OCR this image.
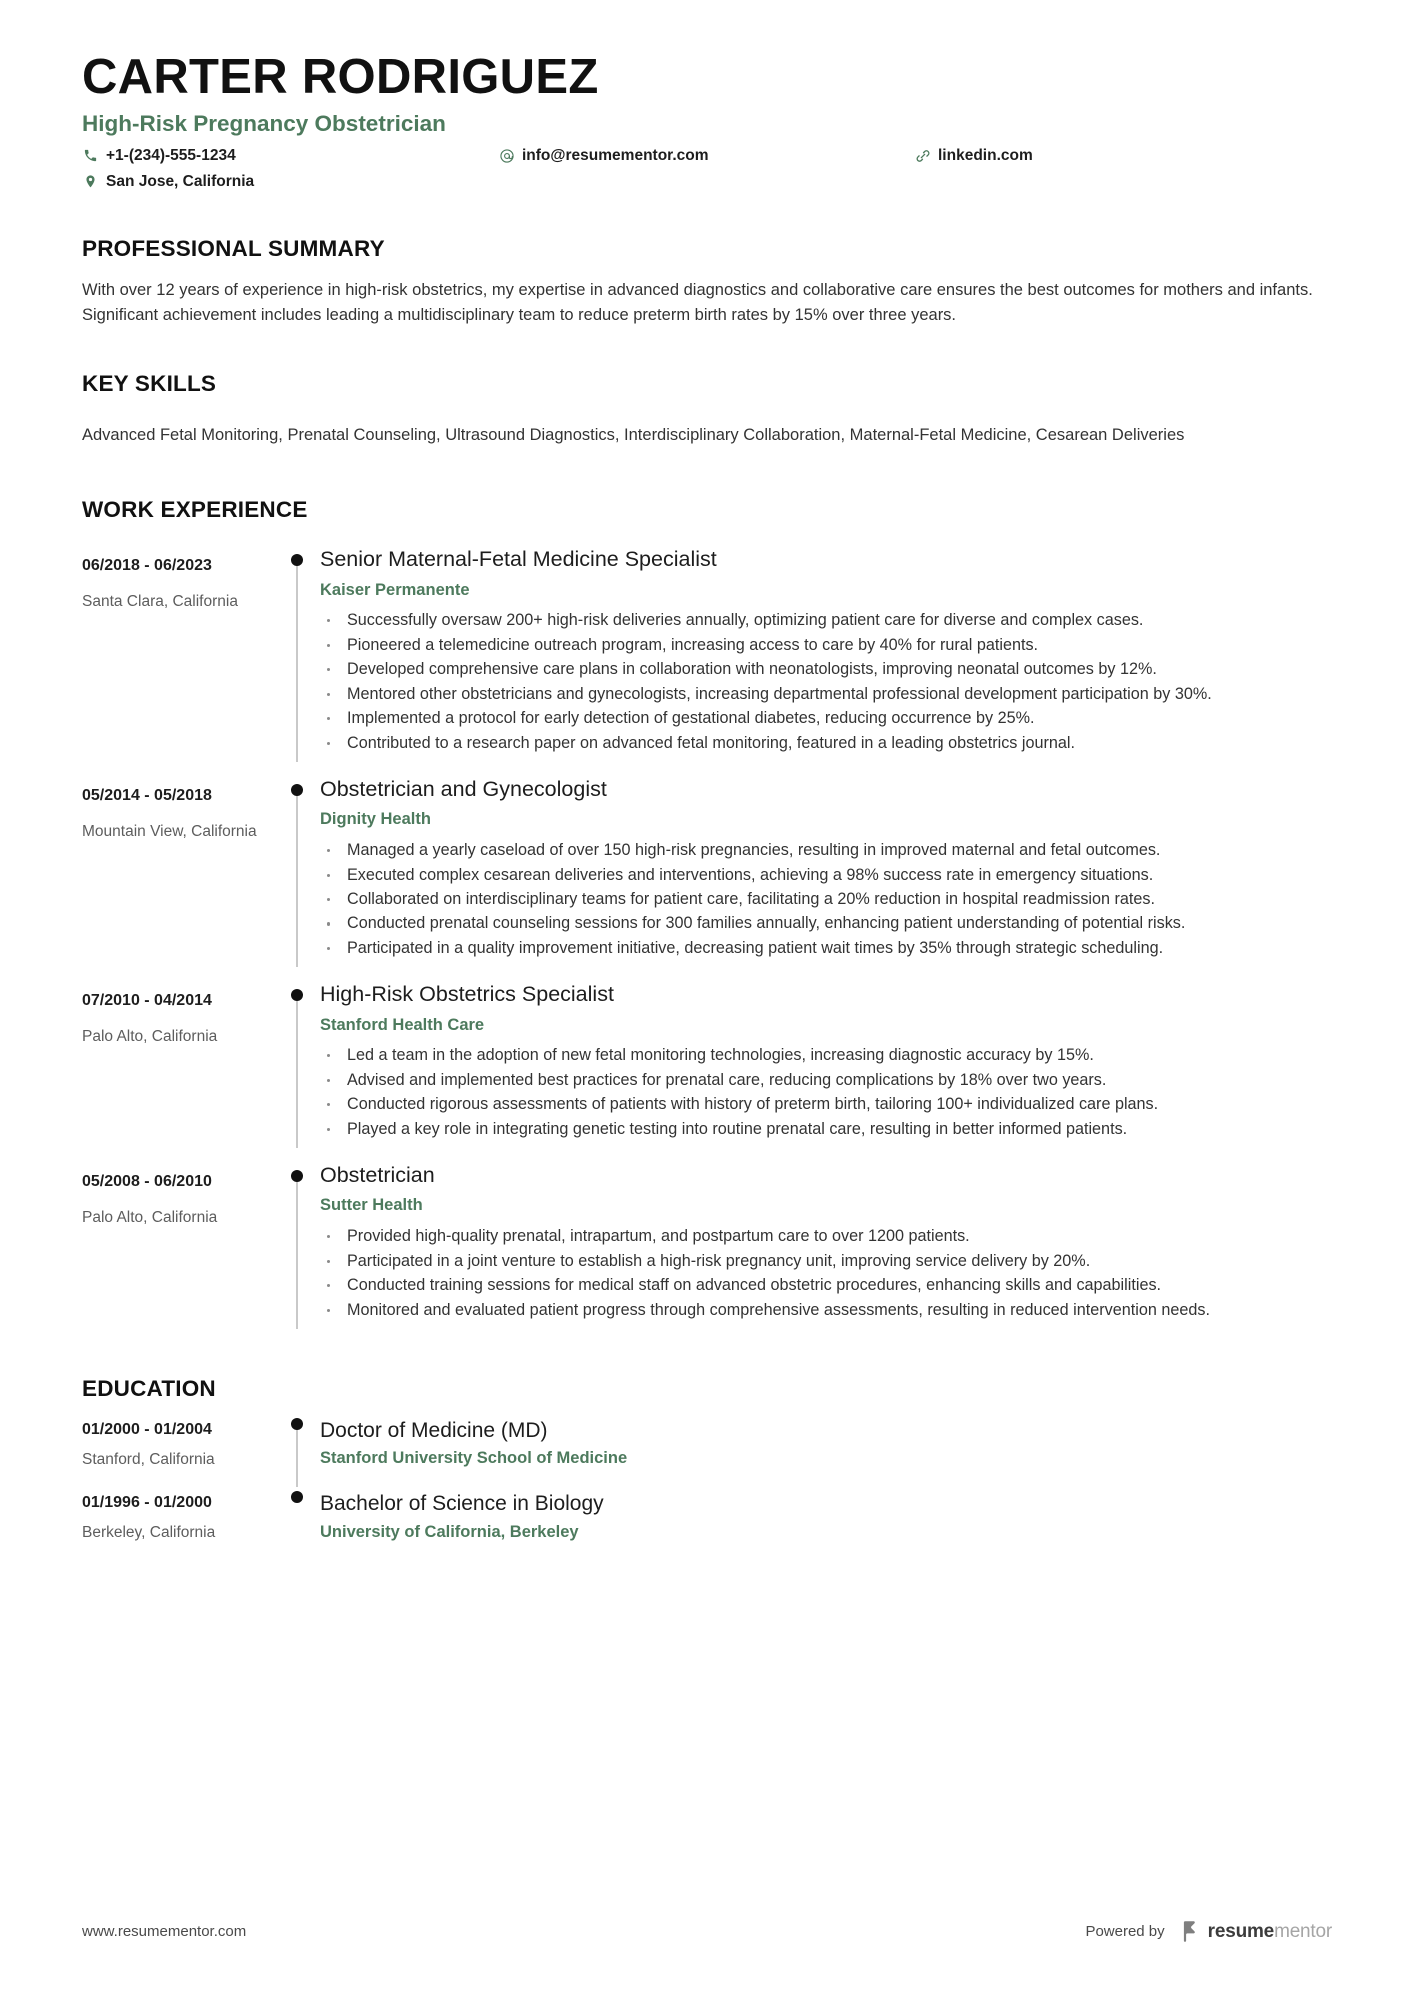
CARTER RODRIGUEZ
High-Risk Pregnancy Obstetrician
+1-(234)-555-1234	info@resumementor.com	linkedin.com
San Jose, California
PROFESSIONAL SUMMARY

With over 12 years of experience in high-risk obstetrics, my expertise in advanced diagnostics and collaborative care ensures the best outcomes for mothers and infants. Significant achievement includes leading a multidisciplinary team to reduce preterm birth rates by 15% over three years.

KEY SKILLS

Advanced Fetal Monitoring, Prenatal Counseling, Ultrasound Diagnostics, Interdisciplinary Collaboration, Maternal-Fetal Medicine, Cesarean Deliveries

WORK EXPERIENCE
06/2018 - 06/2023
Santa Clara, California
Senior Maternal-Fetal Medicine Specialist
Kaiser Permanente
Successfully oversaw 200+ high-risk deliveries annually, optimizing patient care for diverse and complex cases.
Pioneered a telemedicine outreach program, increasing access to care by 40% for rural patients.
Developed comprehensive care plans in collaboration with neonatologists, improving neonatal outcomes by 12%.
Mentored other obstetricians and gynecologists, increasing departmental professional development participation by 30%.
Implemented a protocol for early detection of gestational diabetes, reducing occurrence by 25%.
Contributed to a research paper on advanced fetal monitoring, featured in a leading obstetrics journal.
05/2014 - 05/2018
Mountain View, California
Obstetrician and Gynecologist
Dignity Health
Managed a yearly caseload of over 150 high-risk pregnancies, resulting in improved maternal and fetal outcomes.
Executed complex cesarean deliveries and interventions, achieving a 98% success rate in emergency situations.
Collaborated on interdisciplinary teams for patient care, facilitating a 20% reduction in hospital readmission rates.
Conducted prenatal counseling sessions for 300 families annually, enhancing patient understanding of potential risks.
Participated in a quality improvement initiative, decreasing patient wait times by 35% through strategic scheduling.
07/2010 - 04/2014
Palo Alto, California
High-Risk Obstetrics Specialist
Stanford Health Care
Led a team in the adoption of new fetal monitoring technologies, increasing diagnostic accuracy by 15%.
Advised and implemented best practices for prenatal care, reducing complications by 18% over two years.
Conducted rigorous assessments of patients with history of preterm birth, tailoring 100+ individualized care plans.
Played a key role in integrating genetic testing into routine prenatal care, resulting in better informed patients.
05/2008 - 06/2010
Palo Alto, California
Obstetrician
Sutter Health
Provided high-quality prenatal, intrapartum, and postpartum care to over 1200 patients.
Participated in a joint venture to establish a high-risk pregnancy unit, improving service delivery by 20%.
Conducted training sessions for medical staff on advanced obstetric procedures, enhancing skills and capabilities.
Monitored and evaluated patient progress through comprehensive assessments, resulting in reduced intervention needs.
EDUCATION
01/2000 - 01/2004
Stanford, California
Doctor of Medicine (MD)
Stanford University School of Medicine
01/1996 - 01/2000
Berkeley, California
Bachelor of Science in Biology
University of California, Berkeley
www.resumementor.com	Powered by resumementor
